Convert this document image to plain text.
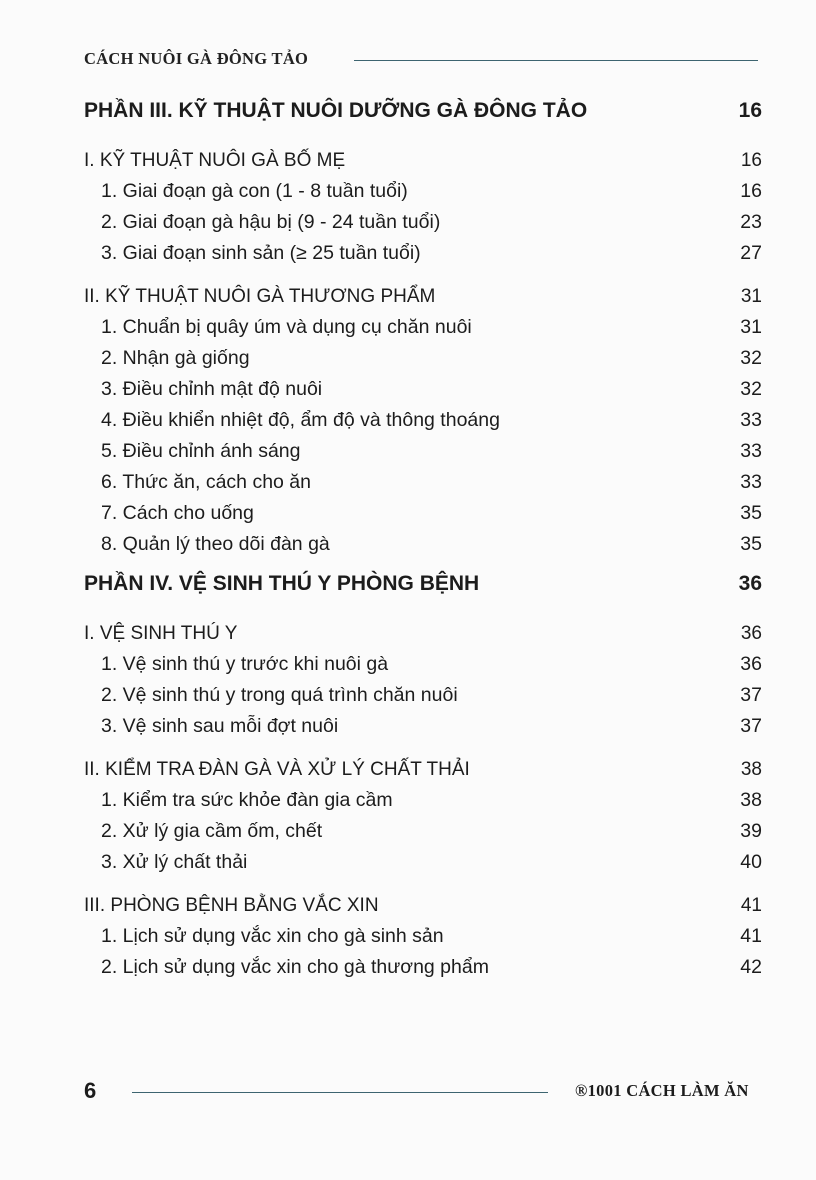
CÁCH NUÔI GÀ ĐÔNG TẢO
PHẦN III. KỸ THUẬT NUÔI DƯỠNG GÀ ĐÔNG TẢO	16
I. KỸ THUẬT NUÔI GÀ BỐ MẸ	16
1. Giai đoạn gà con (1 - 8 tuần tuổi)	16
2. Giai đoạn gà hậu bị (9 - 24 tuần tuổi)	23
3. Giai đoạn sinh sản (≥ 25 tuần tuổi)	27
II. KỸ THUẬT NUÔI GÀ THƯƠNG PHẨM	31
1. Chuẩn bị quây úm và dụng cụ chăn nuôi	31
2. Nhận gà giống	32
3. Điều chỉnh mật độ nuôi	32
4. Điều khiển nhiệt độ, ẩm độ và thông thoáng	33
5. Điều chỉnh ánh sáng	33
6. Thức ăn, cách cho ăn	33
7. Cách cho uống	35
8. Quản lý theo dõi đàn gà	35
PHẦN IV. VỆ SINH THÚ Y PHÒNG BỆNH	36
I. VỆ SINH THÚ Y	36
1. Vệ sinh thú y trước khi nuôi gà	36
2. Vệ sinh thú y trong quá trình chăn nuôi	37
3. Vệ sinh sau mỗi đợt nuôi	37
II. KIỂM TRA ĐÀN GÀ VÀ XỬ LÝ CHẤT THẢI	38
1. Kiểm tra sức khỏe đàn gia cầm	38
2. Xử lý gia cầm ốm, chết	39
3. Xử lý chất thải	40
III. PHÒNG BỆNH BẰNG VẮC XIN	41
1. Lịch sử dụng vắc xin cho gà sinh sản	41
2. Lịch sử dụng vắc xin cho gà thương phẩm	42
6	®1001 CÁCH LÀM ĂN
